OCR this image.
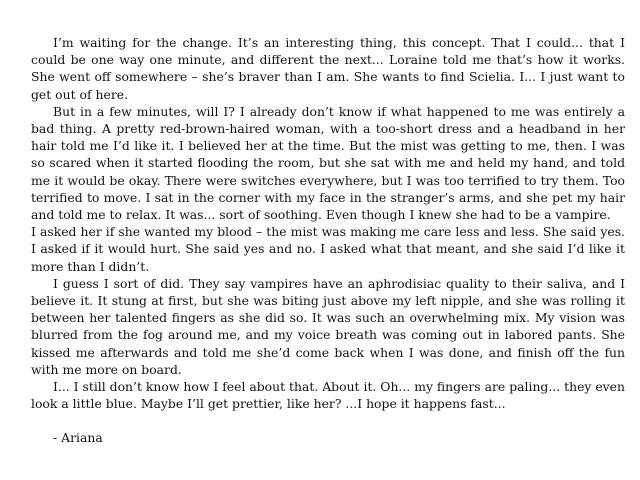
I’m waiting for the change. It’s an interesting thing, this concept. That I could... that I could be one way one minute, and different the next... Loraine told me that’s how it works. She went off somewhere – she’s braver than I am. She wants to find Scielia. I... I just want to get out of here.

But in a few minutes, will I? I already don’t know if what happened to me was entirely a bad thing. A pretty red-brown-haired woman, with a too-short dress and a headband in her hair told me I’d like it. I believed her at the time. But the mist was getting to me, then. I was so scared when it started flooding the room, but she sat with me and held my hand, and told me it would be okay. There were switches everywhere, but I was too terrified to try them. Too terrified to move. I sat in the corner with my face in the stranger’s arms, and she pet my hair and told me to relax. It was... sort of soothing. Even though I knew she had to be a vampire.

I asked her if she wanted my blood – the mist was making me care less and less. She said yes. I asked if it would hurt. She said yes and no. I asked what that meant, and she said I’d like it more than I didn’t.

I guess I sort of did. They say vampires have an aphrodisiac quality to their saliva, and I believe it. It stung at first, but she was biting just above my left nipple, and she was rolling it between her talented fingers as she did so. It was such an overwhelming mix. My vision was blurred from the fog around me, and my voice breath was coming out in labored pants. She kissed me afterwards and told me she’d come back when I was done, and finish off the fun with me more on board.

I... I still don’t know how I feel about that. About it. Oh... my fingers are paling... they even look a little blue. Maybe I’ll get prettier, like her? ...I hope it happens fast...

- Ariana
